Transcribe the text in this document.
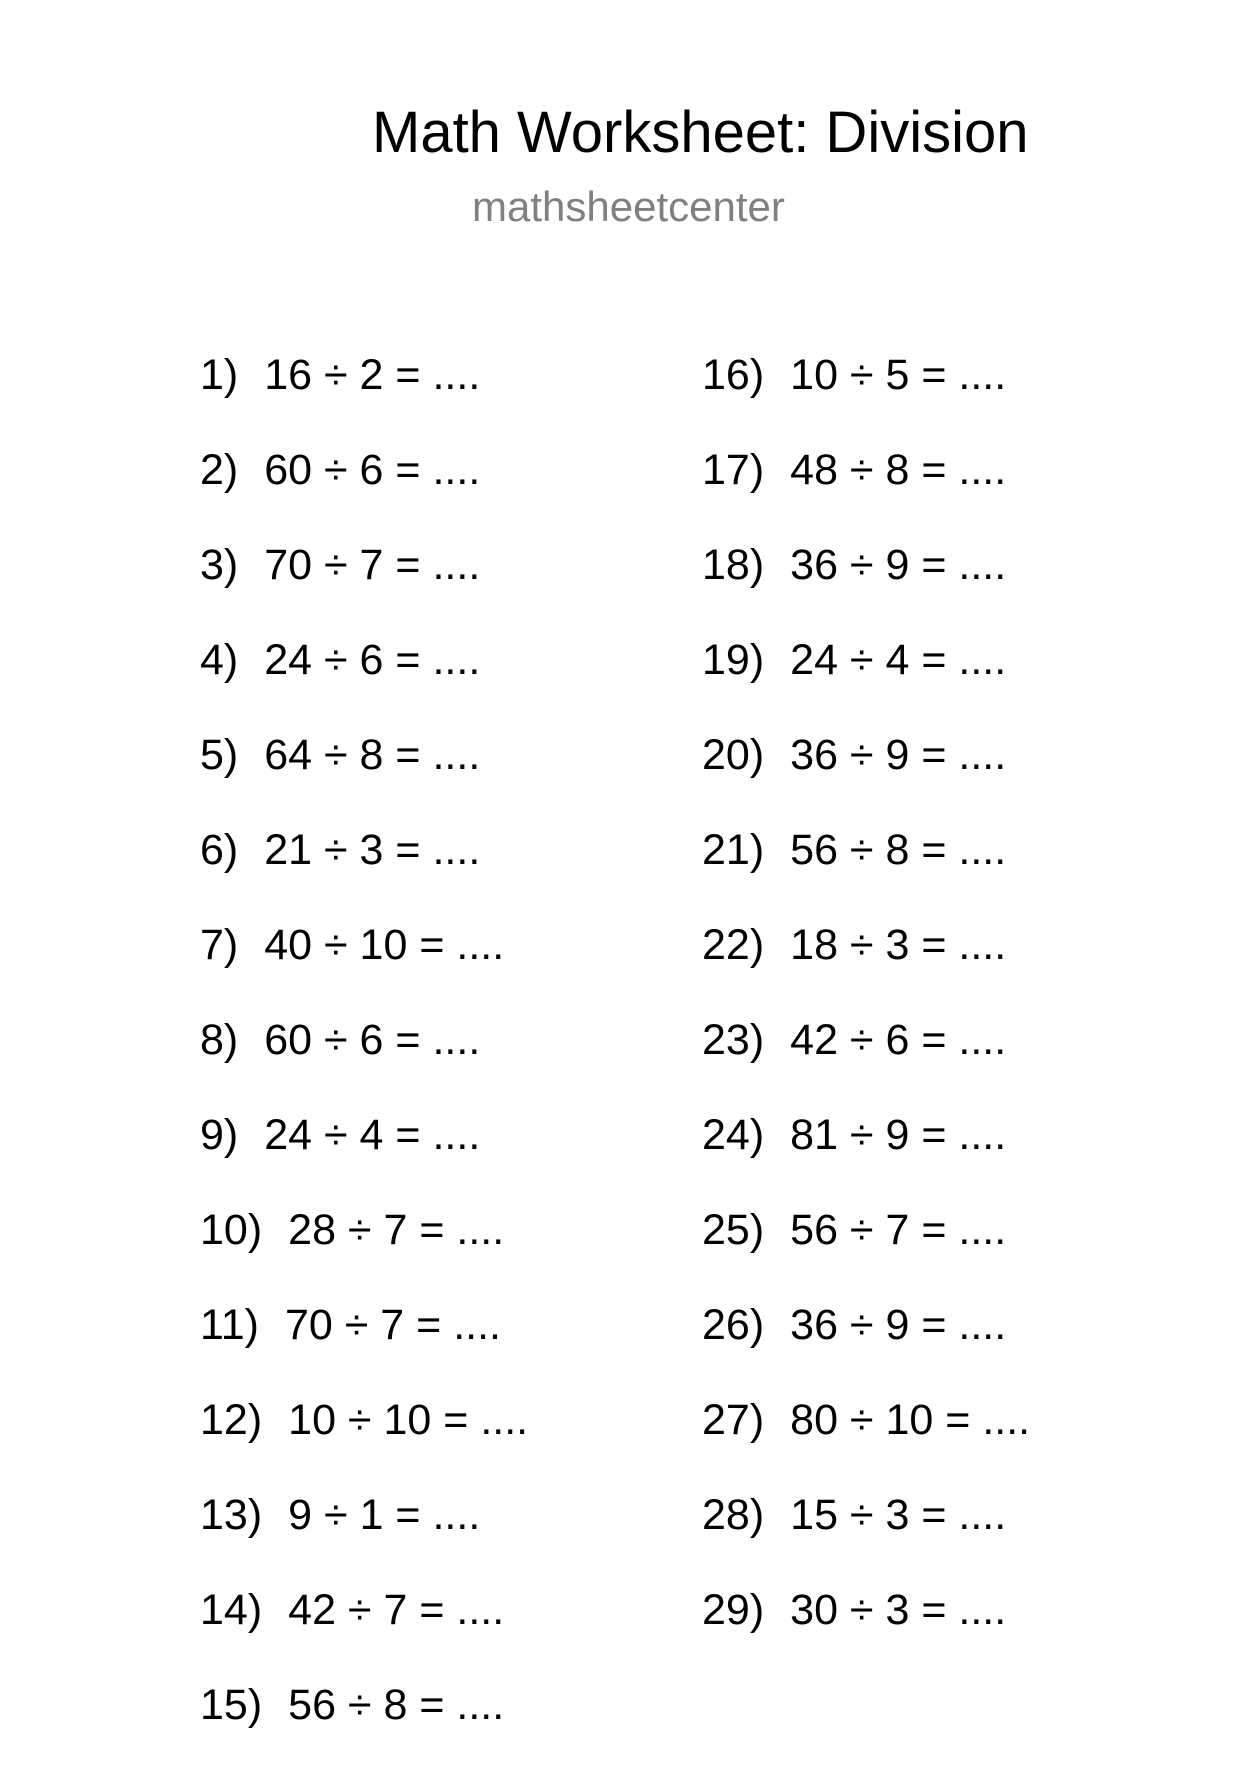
Math Worksheet: Division
mathsheetcenter
1) 16 ÷ 2 = ....
2) 60 ÷ 6 = ....
3) 70 ÷ 7 = ....
4) 24 ÷ 6 = ....
5) 64 ÷ 8 = ....
6) 21 ÷ 3 = ....
7) 40 ÷ 10 = ....
8) 60 ÷ 6 = ....
9) 24 ÷ 4 = ....
10) 28 ÷ 7 = ....
11) 70 ÷ 7 = ....
12) 10 ÷ 10 = ....
13) 9 ÷ 1 = ....
14) 42 ÷ 7 = ....
15) 56 ÷ 8 = ....
16) 10 ÷ 5 = ....
17) 48 ÷ 8 = ....
18) 36 ÷ 9 = ....
19) 24 ÷ 4 = ....
20) 36 ÷ 9 = ....
21) 56 ÷ 8 = ....
22) 18 ÷ 3 = ....
23) 42 ÷ 6 = ....
24) 81 ÷ 9 = ....
25) 56 ÷ 7 = ....
26) 36 ÷ 9 = ....
27) 80 ÷ 10 = ....
28) 15 ÷ 3 = ....
29) 30 ÷ 3 = ....
